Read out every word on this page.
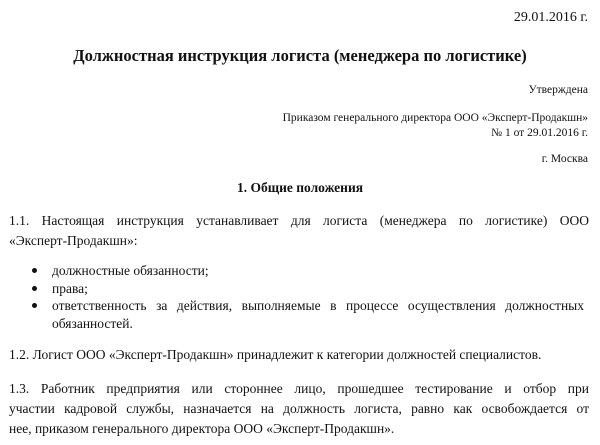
29.01.2016 г.
Должностная инструкция логиста (менеджера по логистике)
Утверждена
Приказом генерального директора ООО «Эксперт-Продакшн»
№ 1 от 29.01.2016 г.
г. Москва
1. Общие положения
1.1. Настоящая инструкция устанавливает для логиста (менеджера по логистике) ООО
«Эксперт-Продакшн»:
должностные обязанности;
права;
ответственность за действия, выполняемые в процессе осуществления должностных
обязанностей.
1.2. Логист ООО «Эксперт-Продакшн» принадлежит к категории должностей специалистов.
1.3. Работник предприятия или стороннее лицо, прошедшее тестирование и отбор при
участии кадровой службы, назначается на должность логиста, равно как освобождается от
нее, приказом генерального директора ООО «Эксперт-Продакшн».
